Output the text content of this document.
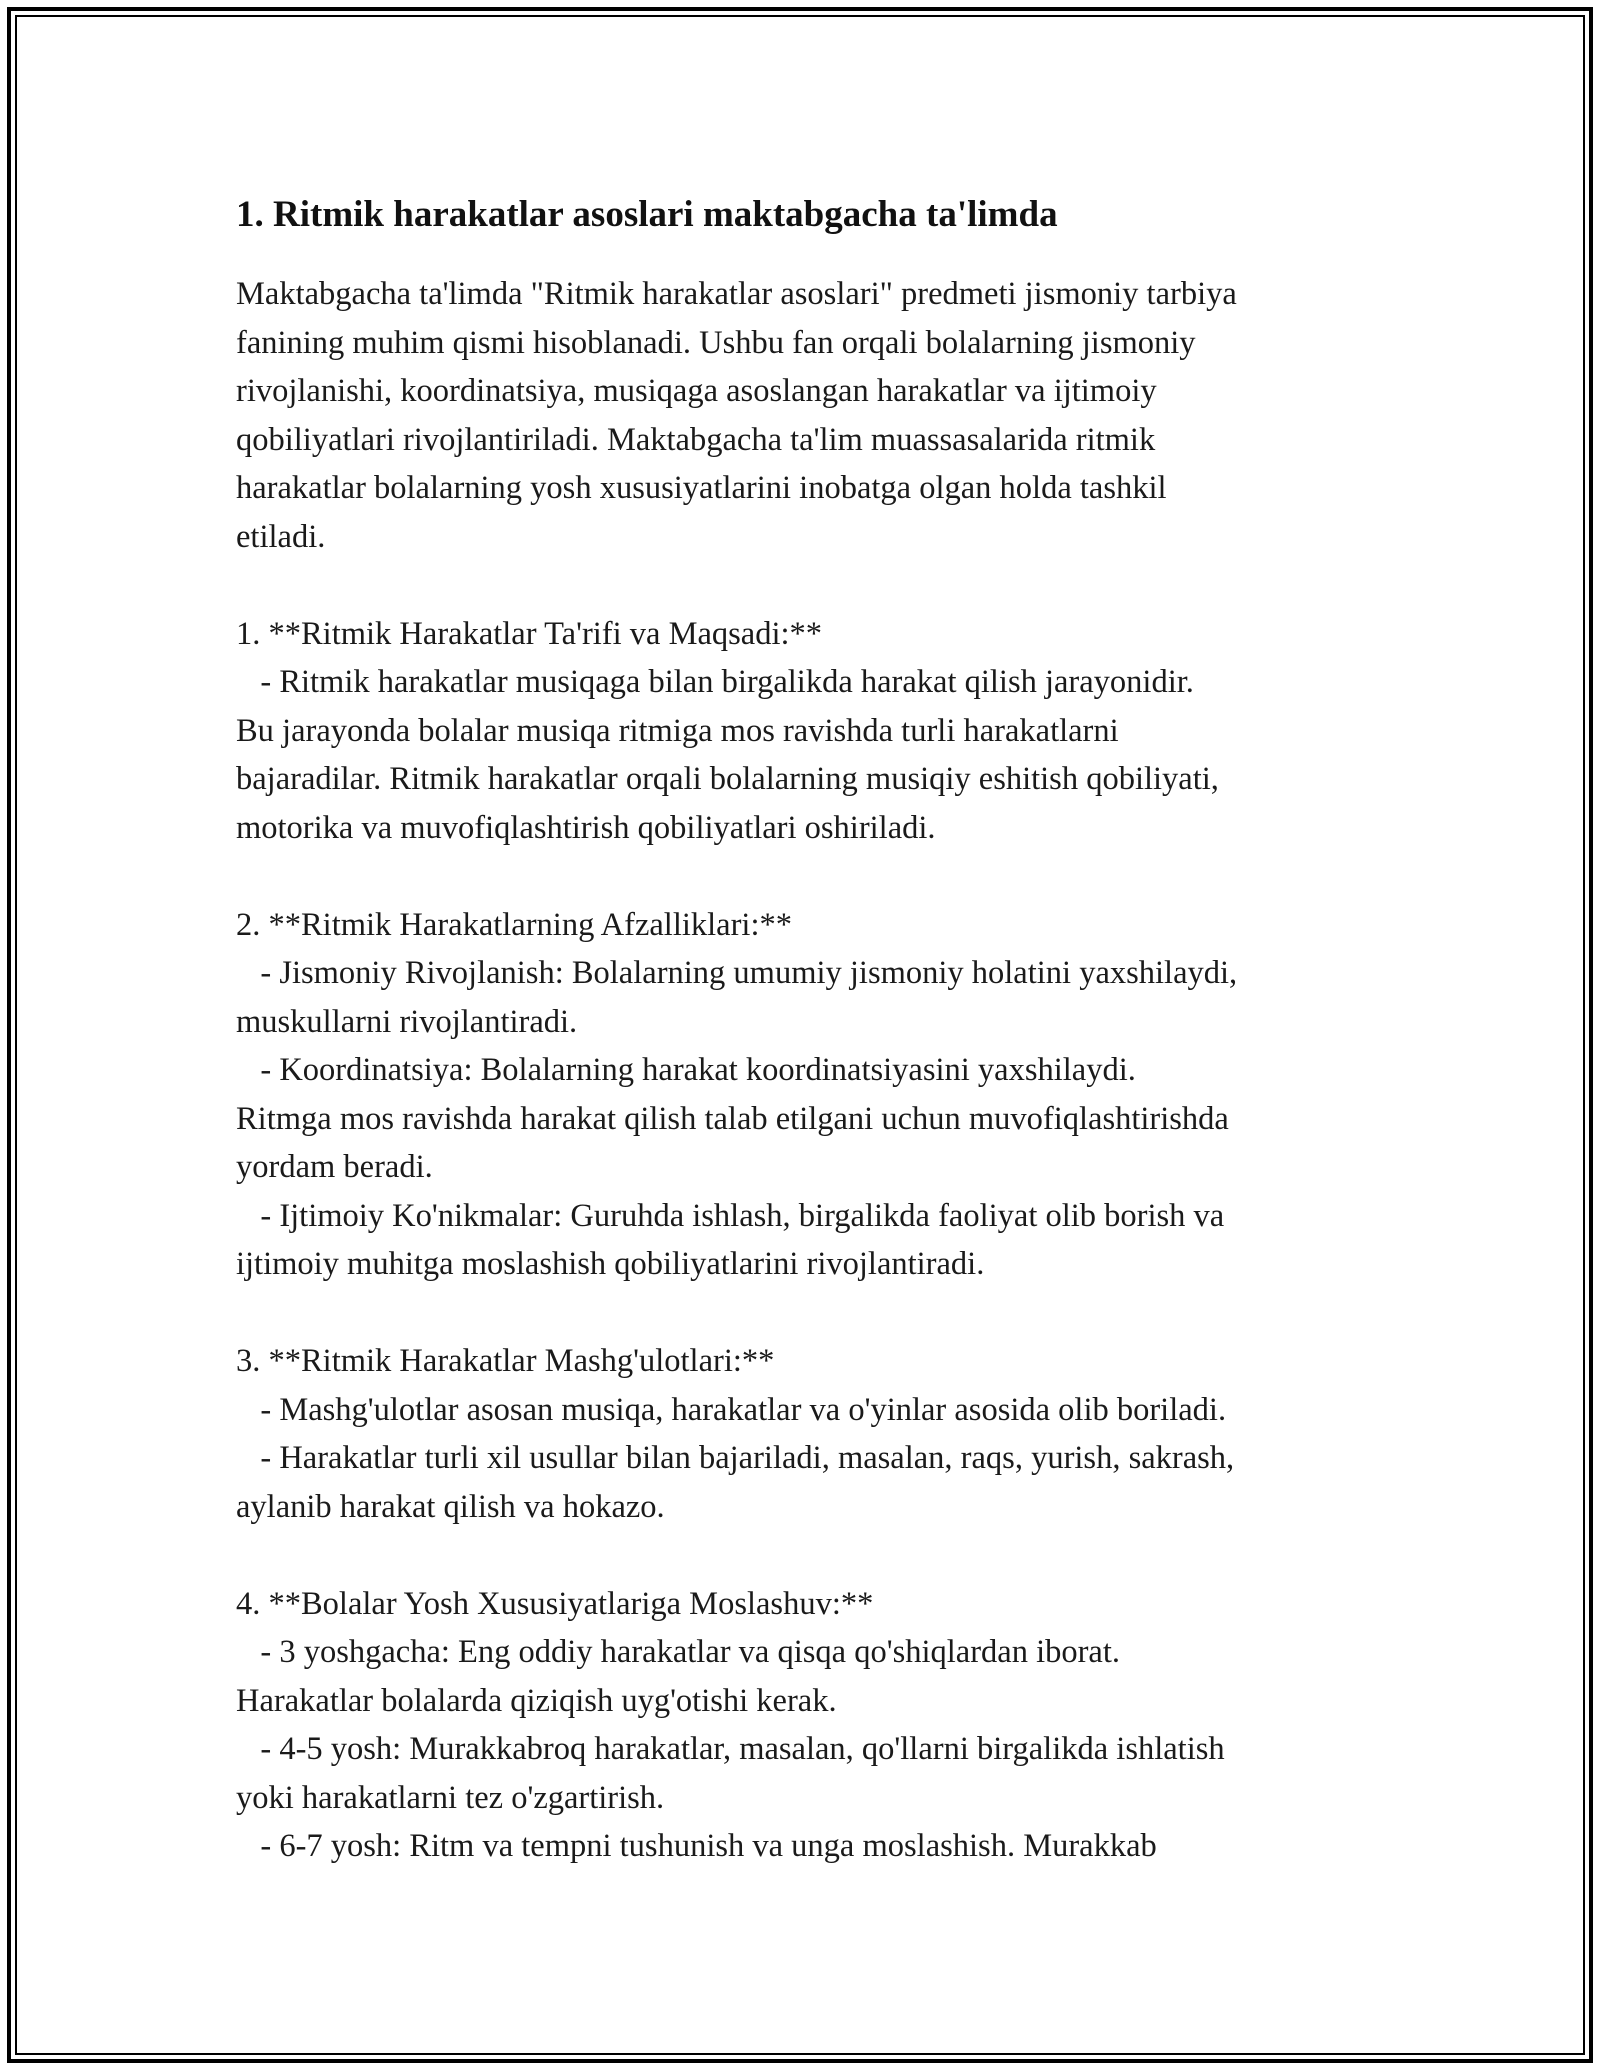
1. Ritmik harakatlar asoslari maktabgacha ta'limda

Maktabgacha ta'limda "Ritmik harakatlar asoslari" predmeti jismoniy tarbiya
fanining muhim qismi hisoblanadi. Ushbu fan orqali bolalarning jismoniy
rivojlanishi, koordinatsiya, musiqaga asoslangan harakatlar va ijtimoiy
qobiliyatlari rivojlantiriladi. Maktabgacha ta'lim muassasalarida ritmik
harakatlar bolalarning yosh xususiyatlarini inobatga olgan holda tashkil
etiladi.

1. **Ritmik Harakatlar Ta'rifi va Maqsadi:**

- Ritmik harakatlar musiqaga bilan birgalikda harakat qilish jarayonidir.
Bu jarayonda bolalar musiqa ritmiga mos ravishda turli harakatlarni
bajaradilar. Ritmik harakatlar orqali bolalarning musiqiy eshitish qobiliyati,
motorika va muvofiqlashtirish qobiliyatlari oshiriladi.

2. **Ritmik Harakatlarning Afzalliklari:**

- Jismoniy Rivojlanish: Bolalarning umumiy jismoniy holatini yaxshilaydi,
muskullarni rivojlantiradi.
- Koordinatsiya: Bolalarning harakat koordinatsiyasini yaxshilaydi.
Ritmga mos ravishda harakat qilish talab etilgani uchun muvofiqlashtirishda
yordam beradi.
- Ijtimoiy Ko'nikmalar: Guruhda ishlash, birgalikda faoliyat olib borish va
ijtimoiy muhitga moslashish qobiliyatlarini rivojlantiradi.

3. **Ritmik Harakatlar Mashg'ulotlari:**

- Mashg'ulotlar asosan musiqa, harakatlar va o'yinlar asosida olib boriladi.
- Harakatlar turli xil usullar bilan bajariladi, masalan, raqs, yurish, sakrash,
aylanib harakat qilish va hokazo.

4. **Bolalar Yosh Xususiyatlariga Moslashuv:**

- 3 yoshgacha: Eng oddiy harakatlar va qisqa qo'shiqlardan iborat.
Harakatlar bolalarda qiziqish uyg'otishi kerak.
- 4-5 yosh: Murakkabroq harakatlar, masalan, qo'llarni birgalikda ishlatish
yoki harakatlarni tez o'zgartirish.
- 6-7 yosh: Ritm va tempni tushunish va unga moslashish. Murakkab
